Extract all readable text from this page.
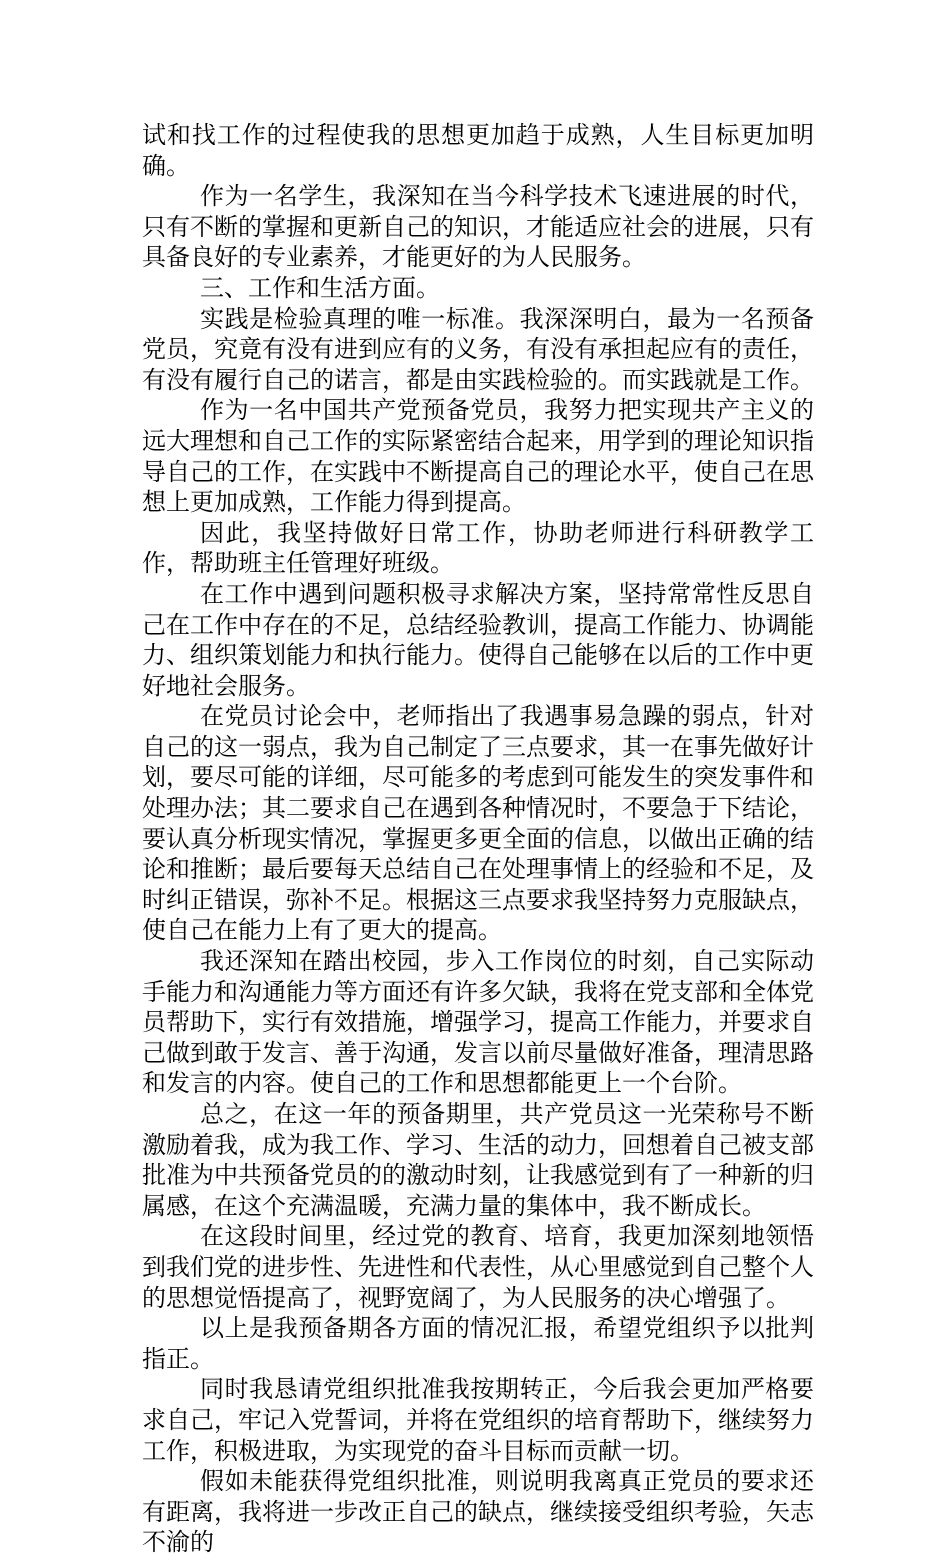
试和找工作的过程使我的思想更加趋于成熟，人生目标更加明确。

作为一名学生，我深知在当今科学技术飞速进展的时代，只有不断的掌握和更新自己的知识，才能适应社会的进展，只有具备良好的专业素养，才能更好的为人民服务。

三、工作和生活方面。

实践是检验真理的唯一标准。我深深明白，最为一名预备党员，究竟有没有进到应有的义务，有没有承担起应有的责任，有没有履行自己的诺言，都是由实践检验的。而实践就是工作。

作为一名中国共产党预备党员，我努力把实现共产主义的远大理想和自己工作的实际紧密结合起来，用学到的理论知识指导自己的工作，在实践中不断提高自己的理论水平，使自己在思想上更加成熟，工作能力得到提高。

因此，我坚持做好日常工作，协助老师进行科研教学工作，帮助班主任管理好班级。

在工作中遇到问题积极寻求解决方案，坚持常常性反思自己在工作中存在的不足，总结经验教训，提高工作能力、协调能力、组织策划能力和执行能力。使得自己能够在以后的工作中更好地社会服务。

在党员讨论会中，老师指出了我遇事易急躁的弱点，针对自己的这一弱点，我为自己制定了三点要求，其一在事先做好计划，要尽可能的详细，尽可能多的考虑到可能发生的突发事件和处理办法；其二要求自己在遇到各种情况时，不要急于下结论，要认真分析现实情况，掌握更多更全面的信息，以做出正确的结论和推断；最后要每天总结自己在处理事情上的经验和不足，及时纠正错误，弥补不足。根据这三点要求我坚持努力克服缺点，使自己在能力上有了更大的提高。

我还深知在踏出校园，步入工作岗位的时刻，自己实际动手能力和沟通能力等方面还有许多欠缺，我将在党支部和全体党员帮助下，实行有效措施，增强学习，提高工作能力，并要求自己做到敢于发言、善于沟通，发言以前尽量做好准备，理清思路和发言的内容。使自己的工作和思想都能更上一个台阶。

总之，在这一年的预备期里，共产党员这一光荣称号不断激励着我，成为我工作、学习、生活的动力，回想着自己被支部批准为中共预备党员的的激动时刻，让我感觉到有了一种新的归属感，在这个充满温暖，充满力量的集体中，我不断成长。

在这段时间里，经过党的教育、培育，我更加深刻地领悟到我们党的进步性、先进性和代表性，从心里感觉到自己整个人的思想觉悟提高了，视野宽阔了，为人民服务的决心增强了。

以上是我预备期各方面的情况汇报，希望党组织予以批判指正。

同时我恳请党组织批准我按期转正，今后我会更加严格要求自己，牢记入党誓词，并将在党组织的培育帮助下，继续努力工作，积极进取，为实现党的奋斗目标而贡献一切。

假如未能获得党组织批准，则说明我离真正党员的要求还有距离，我将进一步改正自己的缺点，继续接受组织考验，矢志不渝的
